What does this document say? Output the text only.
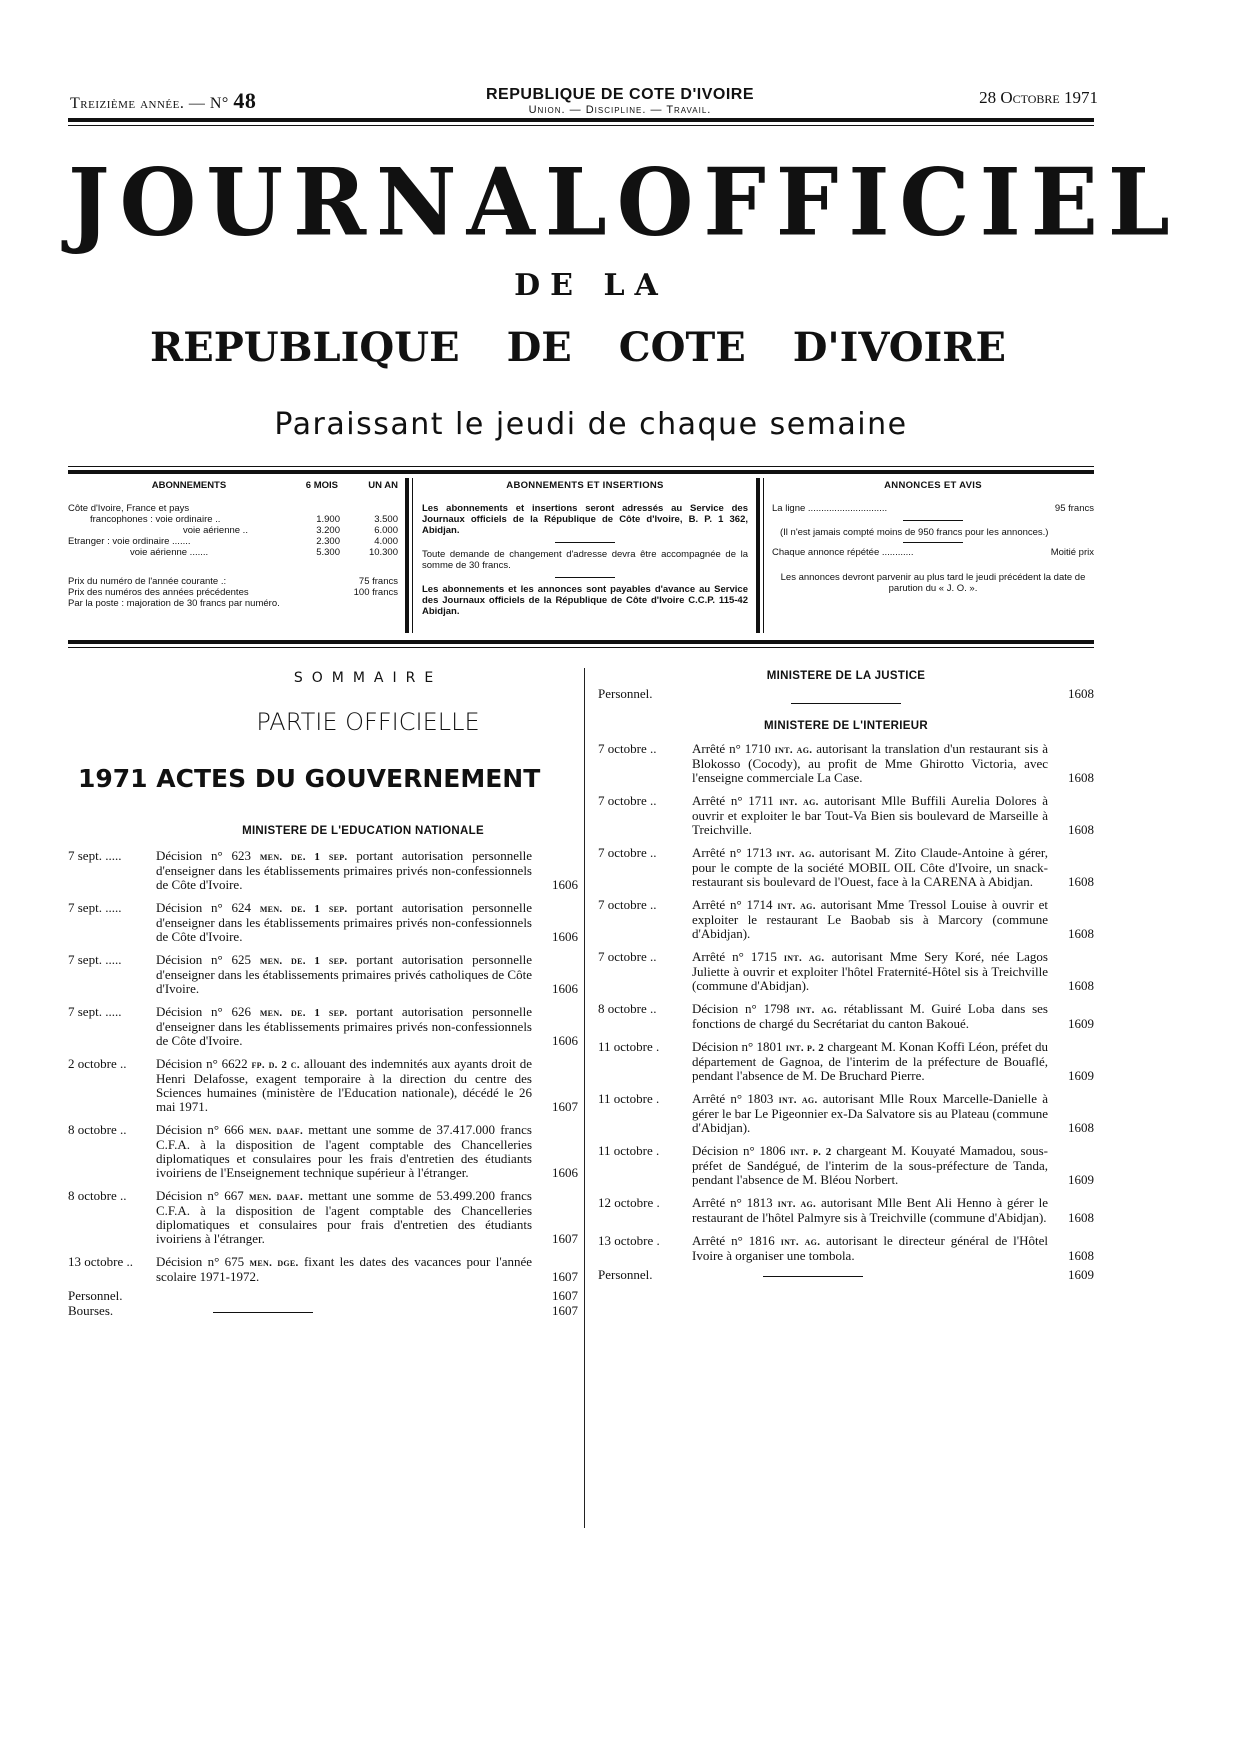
Treizième année. — N° 48	REPUBLIQUE DE COTE D'IVOIRE
Union. — Discipline. — Travail.
28 Octobre 1971
JOURNAL OFFICIEL
DE LA
REPUBLIQUE DE COTE D'IVOIRE
Paraissant le jeudi de chaque semaine
ABONNEMENTS	6 MOIS	UN AN
Côte d'Ivoire, France et pays
francophones : voie ordinaire ..	1.900	3.500
voie aérienne ..	3.200	6.000
Etranger : voie ordinaire .......	2.300	4.000
voie aérienne .......	5.300	10.300
Prix du numéro de l'année courante .:	75 francs
Prix des numéros des années précédentes	100 francs
Par la poste : majoration de 30 francs par numéro.
ABONNEMENTS ET INSERTIONS

Les abonnements et insertions seront adressés au Service des Journaux officiels de la République de Côte d'Ivoire, B. P. 1 362, Abidjan.

Toute demande de changement d'adresse devra être accompagnée de la somme de 30 francs.

Les abonnements et les annonces sont payables d'avance au Service des Journaux officiels de la République de Côte d'Ivoire C.C.P. 115-42 Abidjan.

ANNONCES ET AVIS
La ligne ..............................	95 francs

(Il n'est jamais compté moins de 950 francs pour les annonces.)

Chaque annonce répétée ............	Moitié prix

Les annonces devront parvenir au plus tard le jeudi précédent la date de parution du « J. O. ».

SOMMAIRE
PARTIE OFFICIELLE
1971 ACTES DU GOUVERNEMENT
MINISTERE DE L'EDUCATION NATIONALE
7 sept. .....	Décision n° 623 men. de. 1 sep. portant autorisation personnelle d'enseigner dans les établissements primaires privés non-confessionnels de Côte d'Ivoire.	1606
7 sept. .....	Décision n° 624 men. de. 1 sep. portant autorisation personnelle d'enseigner dans les établissements primaires privés non-confessionnels de Côte d'Ivoire.	1606
7 sept. .....	Décision n° 625 men. de. 1 sep. portant autorisation personnelle d'enseigner dans les établissements primaires privés catholiques de Côte d'Ivoire.	1606
7 sept. .....	Décision n° 626 men. de. 1 sep. portant autorisation personnelle d'enseigner dans les établissements primaires privés non-confessionnels de Côte d'Ivoire.	1606
2 octobre ..	Décision n° 6622 fp. d. 2 c. allouant des indemnités aux ayants droit de Henri Delafosse, exagent temporaire à la direction du centre des Sciences humaines (ministère de l'Education nationale), décédé le 26 mai 1971.	1607
8 octobre ..	Décision n° 666 men. daaf. mettant une somme de 37.417.000 francs C.F.A. à la disposition de l'agent comptable des Chancelleries diplomatiques et consulaires pour les frais d'entretien des étudiants ivoiriens de l'Enseignement technique supérieur à l'étranger.	1606
8 octobre ..	Décision n° 667 men. daaf. mettant une somme de 53.499.200 francs C.F.A. à la disposition de l'agent comptable des Chancelleries diplomatiques et consulaires pour frais d'entretien des étudiants ivoiriens à l'étranger.	1607
13 octobre ..	Décision n° 675 men. dge. fixant les dates des vacances pour l'année scolaire 1971-1972.	1607
Personnel.	1607
Bourses.	1607
MINISTERE DE LA JUSTICE
Personnel.	1608
MINISTERE DE L'INTERIEUR
7 octobre ..	Arrêté n° 1710 int. ag. autorisant la translation d'un restaurant sis à Blokosso (Cocody), au profit de Mme Ghirotto Victoria, avec l'enseigne commerciale La Case.	1608
7 octobre ..	Arrêté n° 1711 int. ag. autorisant Mlle Buffili Aurelia Dolores à ouvrir et exploiter le bar Tout-Va Bien sis boulevard de Marseille à Treichville.	1608
7 octobre ..	Arrêté n° 1713 int. ag. autorisant M. Zito Claude-Antoine à gérer, pour le compte de la société MOBIL OIL Côte d'Ivoire, un snack-restaurant sis boulevard de l'Ouest, face à la CARENA à Abidjan.	1608
7 octobre ..	Arrêté n° 1714 int. ag. autorisant Mme Tressol Louise à ouvrir et exploiter le restaurant Le Baobab sis à Marcory (commune d'Abidjan).	1608
7 octobre ..	Arrêté n° 1715 int. ag. autorisant Mme Sery Koré, née Lagos Juliette à ouvrir et exploiter l'hôtel Fraternité-Hôtel sis à Treichville (commune d'Abidjan).	1608
8 octobre ..	Décision n° 1798 int. ag. rétablissant M. Guiré Loba dans ses fonctions de chargé du Secrétariat du canton Bakoué.	1609
11 octobre .	Décision n° 1801 int. p. 2 chargeant M. Konan Koffi Léon, préfet du département de Gagnoa, de l'interim de la préfecture de Bouaflé, pendant l'absence de M. De Bruchard Pierre.	1609
11 octobre .	Arrêté n° 1803 int. ag. autorisant Mlle Roux Marcelle-Danielle à gérer le bar Le Pigeonnier ex-Da Salvatore sis au Plateau (commune d'Abidjan).	1608
11 octobre .	Décision n° 1806 int. p. 2 chargeant M. Kouyaté Mamadou, sous-préfet de Sandégué, de l'interim de la sous-préfecture de Tanda, pendant l'absence de M. Bléou Norbert.	1609
12 octobre .	Arrêté n° 1813 int. ag. autorisant Mlle Bent Ali Henno à gérer le restaurant de l'hôtel Palmyre sis à Treichville (commune d'Abidjan).	1608
13 octobre .	Arrêté n° 1816 int. ag. autorisant le directeur général de l'Hôtel Ivoire à organiser une tombola.	1608
Personnel.	1609
